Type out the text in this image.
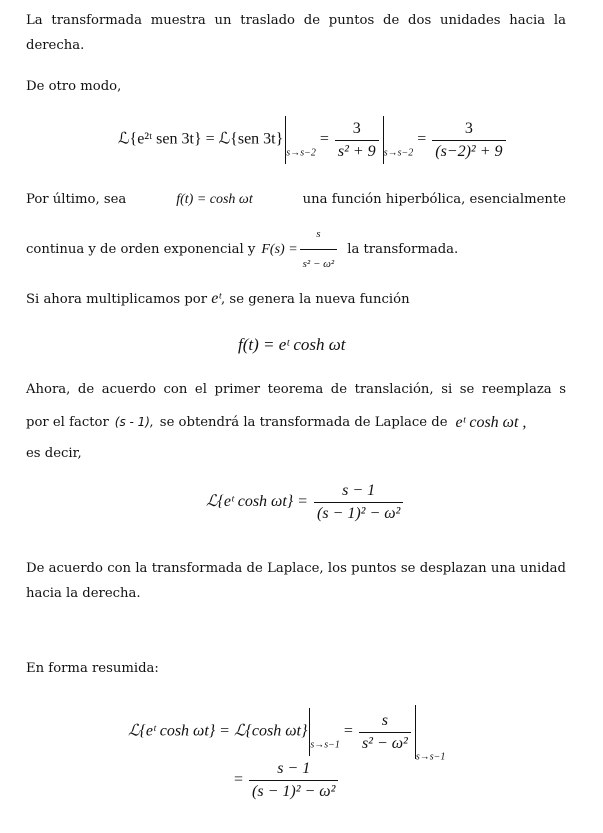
La transformada muestra un traslado de puntos de dos unidades hacia la derecha.
De otro modo,
ℒ{e²ᵗ sen 3t} = ℒ{sen $3t\}_{s\to s-2} = \frac{3}{\text{s² + 9}} _{s\to s-2} = \frac{3}{\text{(s−2)² + 9}}$
Por último, sea	f(t) = cosh ωt	una función hiperbólica, esencialmente
continua y de orden exponencial y $F(s) = \frac{s}{\text{s² − ω²}}$ la transformada.
Si ahora multiplicamos por eᵗ, se genera la nueva función
f(t) = eᵗ cosh ωt
Ahora, de acuerdo con el primer teorema de translación, si se reemplaza s
por el factor (s - 1), se obtendrá la transformada de Laplace de eᵗ cosh ωt ,
es decir,
ℒ{eᵗ $\cosh \omega t\} = \frac{s - 1}{\text{(s − 1)² − ω²}}$
De acuerdo con la transformada de Laplace, los puntos se desplazan una unidad hacia la derecha.
En forma resumida:
ℒ{eᵗ cosh ωt} = ℒ{cosh $\omega t\}_{s\to s-1} = \frac{s}{\text{s² − ω²}}$
$_{s\to s-1}$
= $\frac{s - 1}{\text{(s − 1)² − ω²}}$
